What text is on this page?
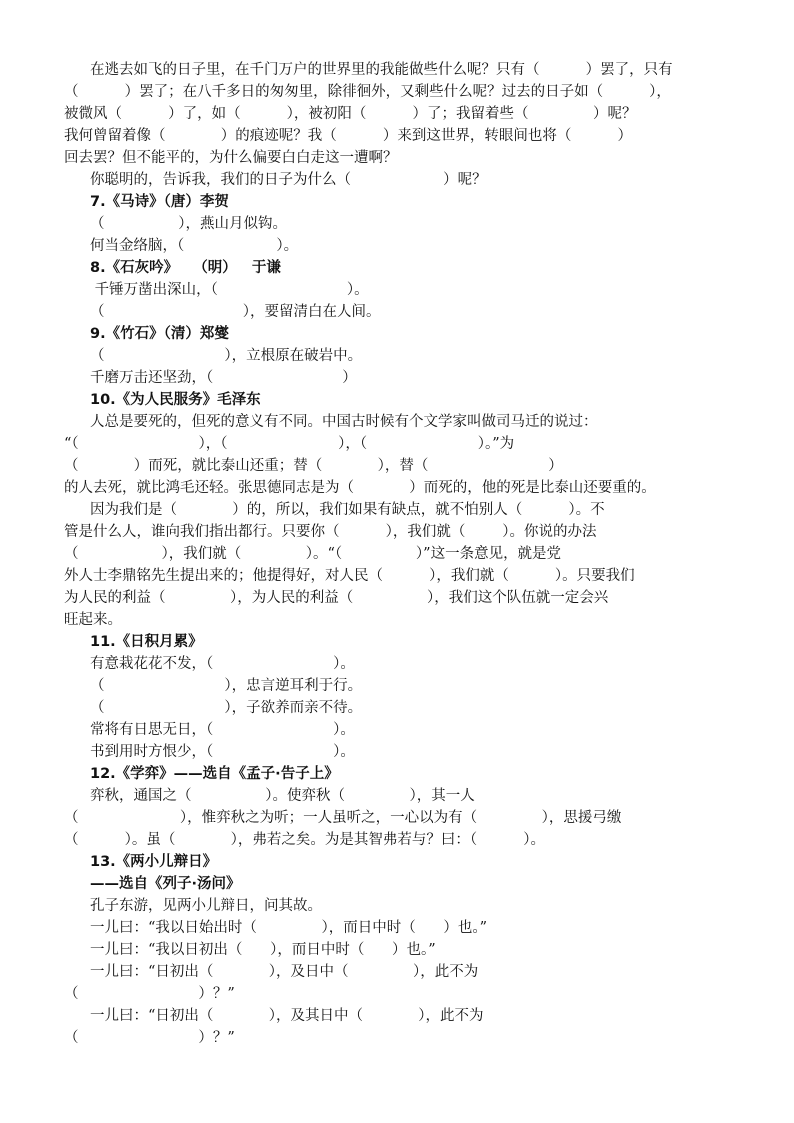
在逃去如飞的日子里，在千门万户的世界里的我能做些什么呢？只有（          ）罢了，只有
（          ）罢了；在八千多日的匆匆里，除徘徊外，又剩些什么呢？过去的日子如（          ），
被微风（          ）了，如（          ），被初阳（          ）了；我留着些（              ）呢？
我何曾留着像（            ）的痕迹呢？我（          ）来到这世界，转眼间也将（          ）
回去罢？但不能平的，为什么偏要白白走这一遭啊？
你聪明的，告诉我，我们的日子为什么（                    ）呢？
7.《马诗》（唐）李贺
（                ），燕山月似钩。
何当金络脑，（                    ）。
8.《石灰吟》   （明）   于谦
千锤万凿出深山，（                            ）。
（                              ），要留清白在人间。
9.《竹石》（清）郑燮
（                          ），立根原在破岩中。
千磨万击还坚劲，（                            ）
10.《为人民服务》毛泽东
人总是要死的，但死的意义有不同。中国古时候有个文学家叫做司马迁的说过：
“（                          ），（                        ），（                        ）。”为
（            ）而死，就比泰山还重；替（            ），替（                          ）
的人去死，就比鸿毛还轻。张思德同志是为（            ）而死的，他的死是比泰山还要重的。
因为我们是（            ）的，所以，我们如果有缺点，就不怕别人（          ）。不
管是什么人，谁向我们指出都行。只要你（          ），我们就（        ）。你说的办法
（                  ），我们就（              ）。“（                ）”这一条意见，就是党
外人士李鼎铭先生提出来的；他提得好，对人民（          ），我们就（          ）。只要我们
为人民的利益（              ），为人民的利益（                ），我们这个队伍就一定会兴
旺起来。
11.《日积月累》
有意栽花花不发，（                          ）。
（                          ），忠言逆耳利于行。
（                          ），子欲养而亲不待。
常将有日思无日，（                          ）。
书到用时方恨少，（                          ）。
12.《学弈》——选自《孟子·告子上》
弈秋，通国之（                ）。使弈秋（              ），其一人
（                      ），惟弈秋之为听；一人虽听之，一心以为有（              ），思援弓缴
（          ）。虽（            ），弗若之矣。为是其智弗若与？曰：（          ）。
13.《两小儿辩日》
——选自《列子·汤问》
孔子东游，见两小儿辩日，问其故。
一儿曰：“我以日始出时（              ），而日中时（      ）也。”
一儿曰：“我以日初出（      ），而日中时（      ）也。”
一儿曰：“日初出（            ），及日中（              ），此不为
（                          ）？”
一儿曰：“日初出（            ），及其日中（            ），此不为
（                          ）？”
